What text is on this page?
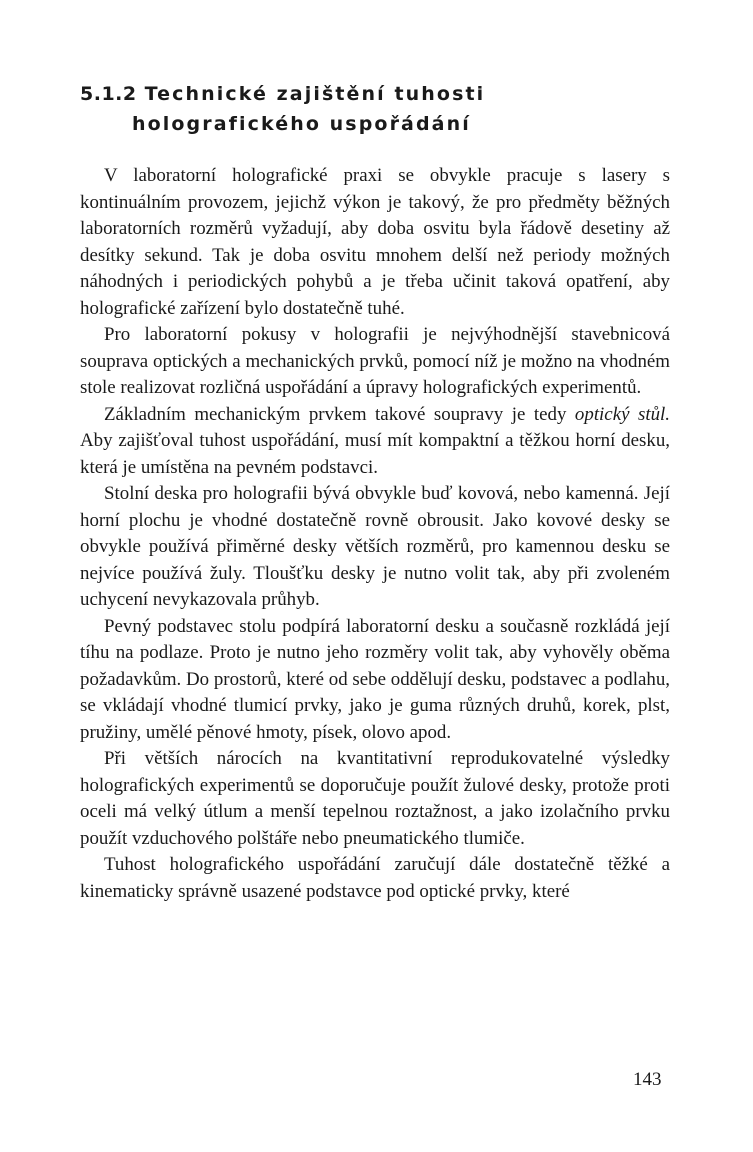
5.1.2 Technické zajištění tuhosti
holografického uspořádání

V laboratorní holografické praxi se obvykle pracuje s lasery s kontinuálním provozem, jejichž výkon je takový, že pro předměty běžných laboratorních rozměrů vyžadují, aby doba osvitu byla řádově desetiny až desítky sekund. Tak je doba osvitu mnohem delší než periody možných náhodných i periodických pohybů a je třeba učinit taková opatření, aby holografické zařízení bylo dostatečně tuhé.

Pro laboratorní pokusy v holografii je nejvýhodnější stavebnicová souprava optických a mechanických prvků, pomocí níž je možno na vhodném stole realizovat rozličná uspořádání a úpravy holografických experimentů.

Základním mechanickým prvkem takové soupravy je tedy optický stůl. Aby zajišťoval tuhost uspořádání, musí mít kompaktní a těžkou horní desku, která je umístěna na pevném podstavci.

Stolní deska pro holografii bývá obvykle buď kovová, nebo kamenná. Její horní plochu je vhodné dostatečně rovně obrousit. Jako kovové desky se obvykle používá přiměrné desky větších rozměrů, pro kamennou desku se nejvíce používá žuly. Tloušťku desky je nutno volit tak, aby při zvoleném uchycení nevykazovala průhyb.

Pevný podstavec stolu podpírá laboratorní desku a současně rozkládá její tíhu na podlaze. Proto je nutno jeho rozměry volit tak, aby vyhověly oběma požadavkům. Do prostorů, které od sebe oddělují desku, podstavec a podlahu, se vkládají vhodné tlumicí prvky, jako je guma různých druhů, korek, plst, pružiny, umělé pěnové hmoty, písek, olovo apod.

Při větších nárocích na kvantitativní reprodukovatelné výsledky holografických experimentů se doporučuje použít žulové desky, protože proti oceli má velký útlum a menší tepelnou roztažnost, a jako izolačního prvku použít vzduchového polštáře nebo pneumatického tlumiče.

Tuhost holografického uspořádání zaručují dále dostatečně těžké a kinematicky správně usazené podstavce pod optické prvky, které

143
